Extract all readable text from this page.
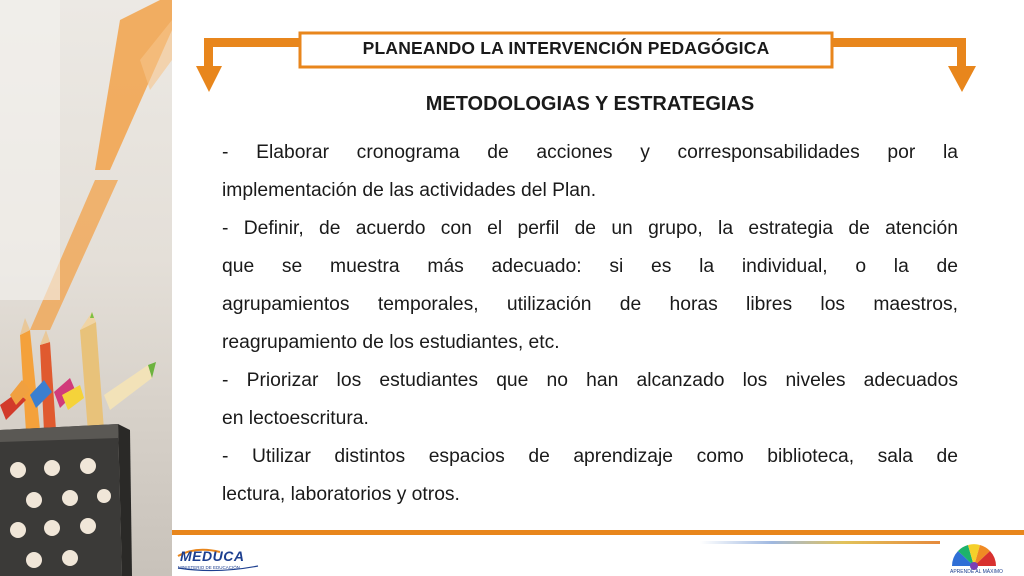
PLANEANDO LA INTERVENCIÓN PEDAGÓGICA
METODOLOGIAS Y ESTRATEGIAS

- Elaborar cronograma de acciones y corresponsabilidades por la
implementación de las actividades del Plan.

- Definir, de acuerdo con el perfil de un grupo, la estrategia de atención
que se muestra más adecuado: si es la individual, o la de
agrupamientos temporales, utilización de horas libres los maestros,
reagrupamiento de los estudiantes, etc.

- Priorizar los estudiantes que no han alcanzado los niveles adecuados
en lectoescritura.

- Utilizar distintos espacios de aprendizaje como biblioteca, sala de
lectura, laboratorios y otros.

MEDUCA
MINISTERIO DE EDUCACIÓN
APRENDE AL MÁXIMO
